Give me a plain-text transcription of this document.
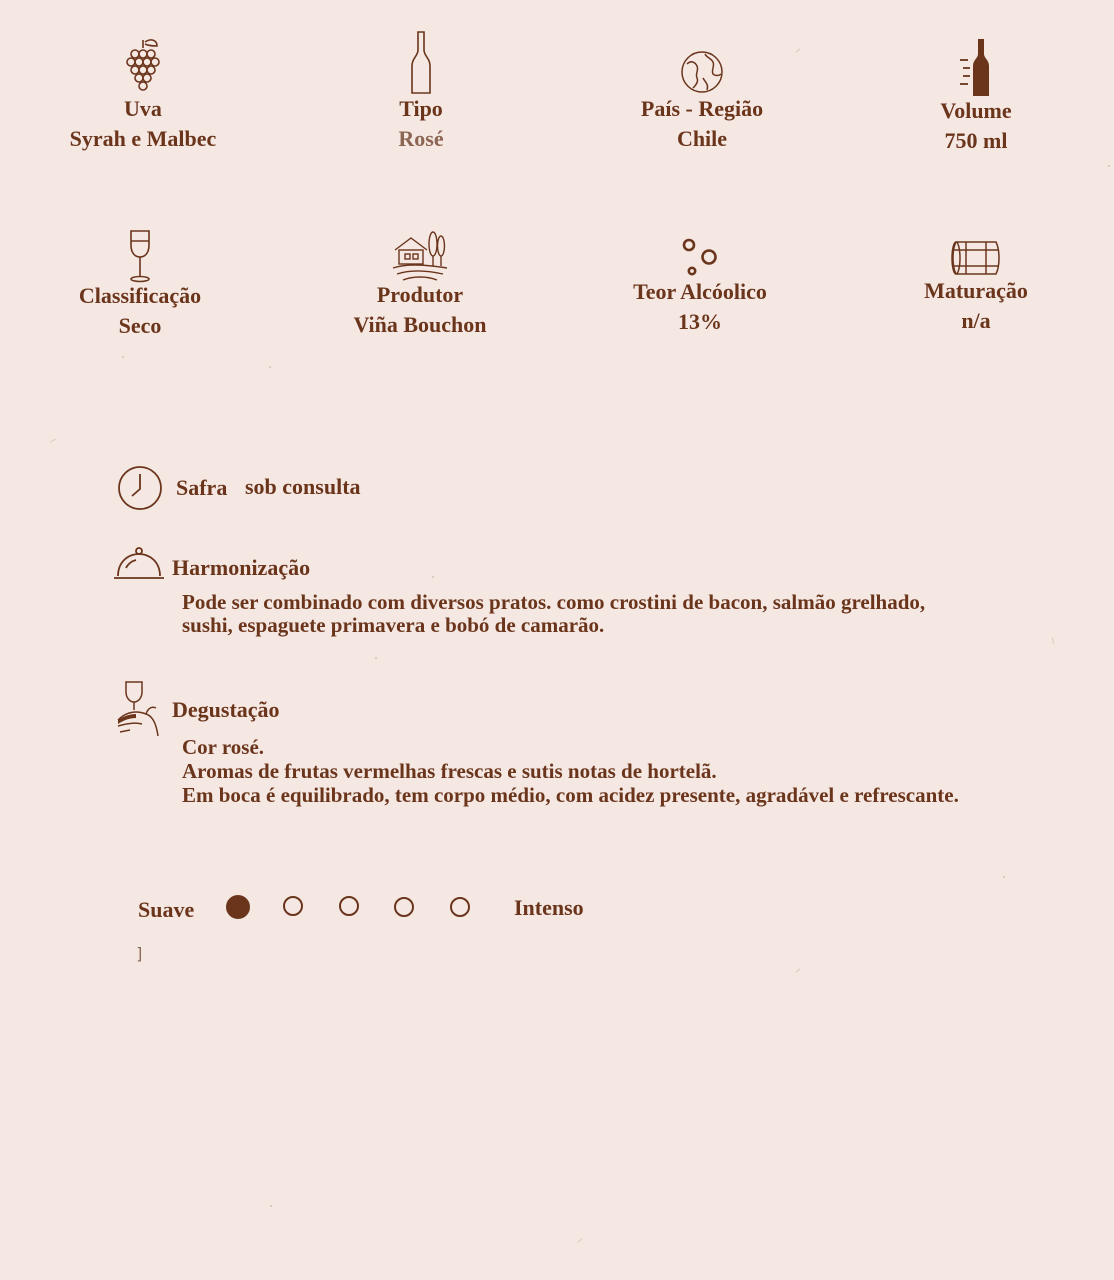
Uva
Syrah e Malbec
Tipo
Rosé
País - Região
Chile
Volume
750 ml
Classificação
Seco
Produtor
Viña Bouchon
Teor Alcóolico
13%
Maturação
n/a
Safra sob consulta
Harmonização
Pode ser combinado com diversos pratos. como crostini de bacon, salmão grelhado,
sushi, espaguete primavera e bobó de camarão.
Degustação
Cor rosé.
Aromas de frutas vermelhas frescas e sutis notas de hortelã.
Em boca é equilibrado, tem corpo médio, com acidez presente, agradável e refrescante.
Suave	Intenso
]
